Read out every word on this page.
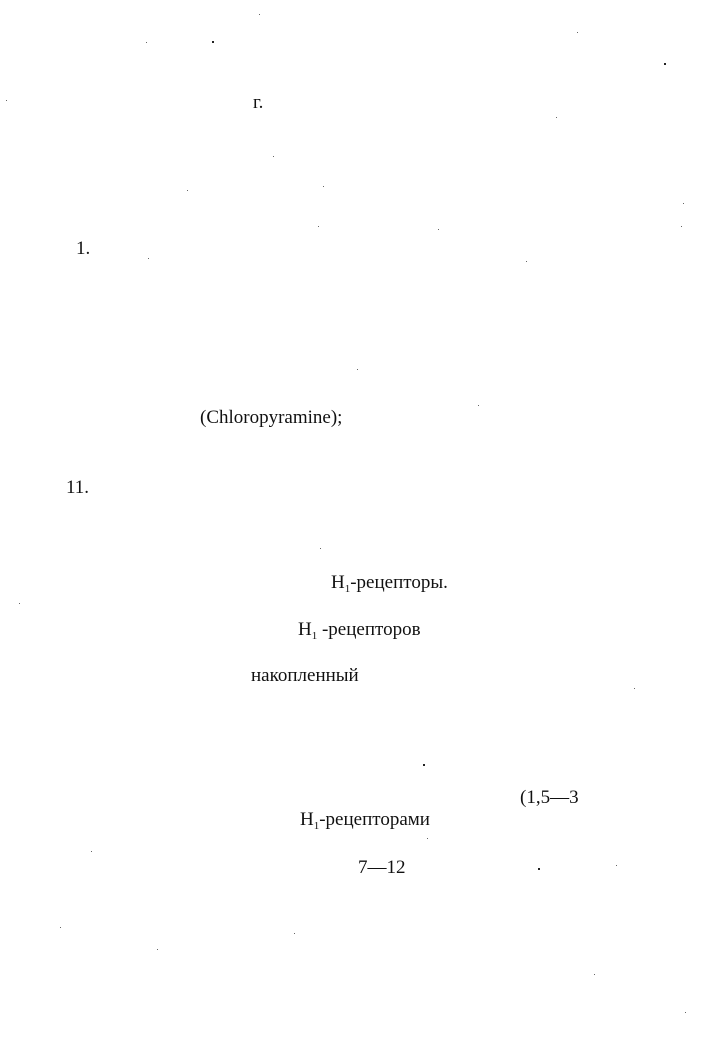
г.
1.
(Chloropyramine);
11.
$H_1$-рецепторы.
$H_1$ -рецепторов
накопленный
(1,5—3
$H_1$-рецепторами
7—12
